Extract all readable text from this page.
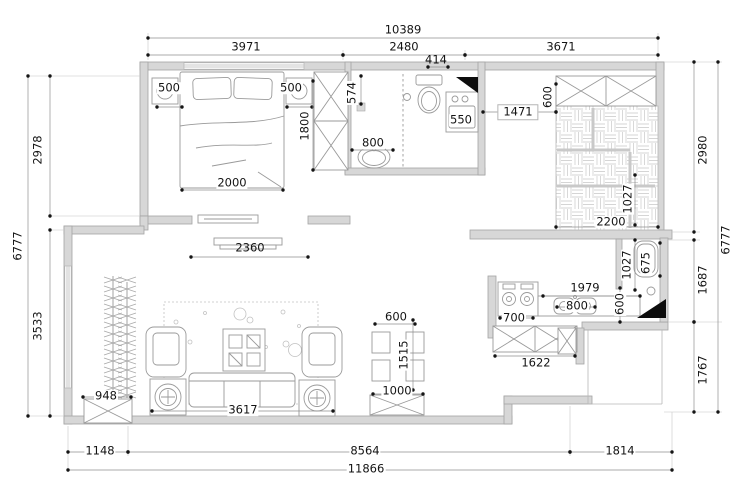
10389
3971	2480	3671
414
500	500
2000
1800
574
800
550
1471
600
1027
2200
2980
1687
1767
6777
1027 675
600
1979
800
700
1622
600
1515
1000
2360
948
3617
2978
3533
6777
1148	8564	1814
11866
